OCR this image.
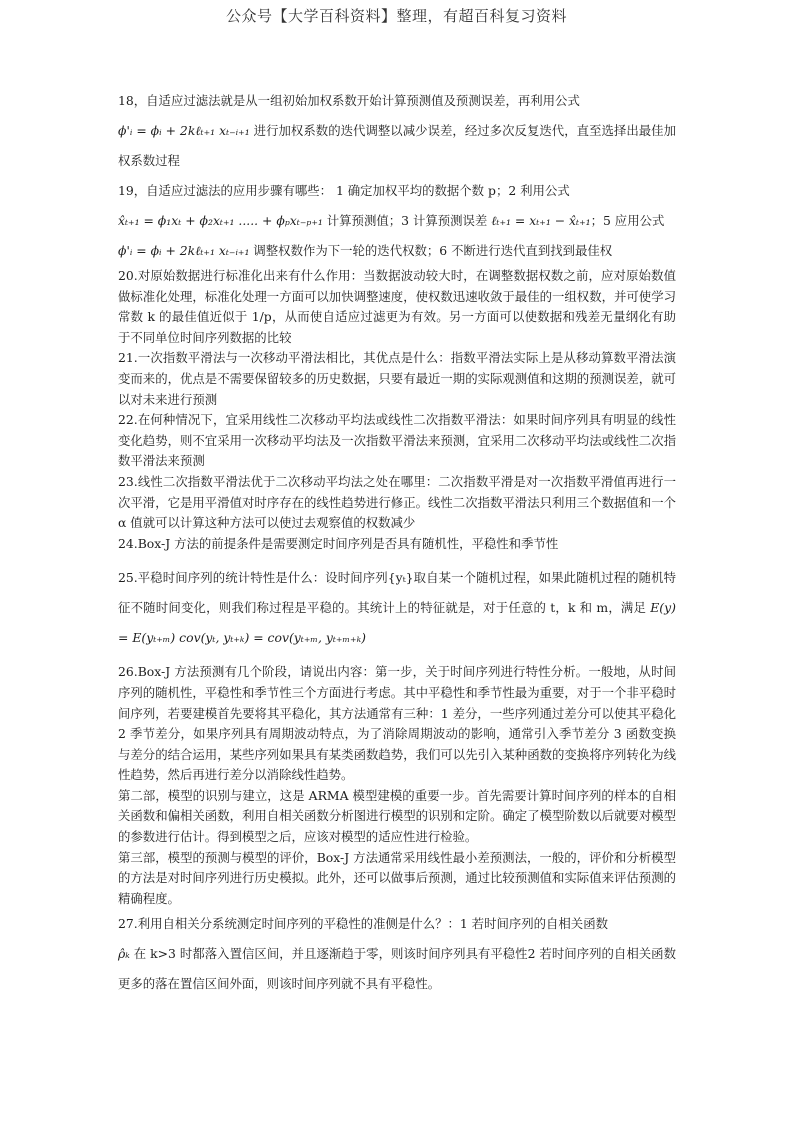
公众号【大学百科资料】整理，有超百科复习资料

18，自适应过滤法就是从一组初始加权系数开始计算预测值及预测误差，再利用公式
ϕ'ᵢ = ϕᵢ + 2kℓₜ₊₁ xₜ₋ᵢ₊₁ 进行加权系数的迭代调整以减少误差，经过多次反复迭代，直至选择出最佳加权系数过程

19，自适应过滤法的应用步骤有哪些： 1 确定加权平均的数据个数 p；2 利用公式
x̂ₜ₊₁ = ϕ₁xₜ + ϕ₂xₜ₊₁ ..... + ϕₚxₜ₋ₚ₊₁ 计算预测值；3 计算预测误差 ℓₜ₊₁ = xₜ₊₁ − x̂ₜ₊₁；5 应用公式
ϕ'ᵢ = ϕᵢ + 2kℓₜ₊₁ xₜ₋ᵢ₊₁ 调整权数作为下一轮的迭代权数；6 不断进行迭代直到找到最佳权

20.对原始数据进行标准化出来有什么作用：当数据波动较大时，在调整数据权数之前，应对原始数值做标准化处理，标准化处理一方面可以加快调整速度，使权数迅速收敛于最佳的一组权数，并可使学习常数 k 的最佳值近似于 1/p，从而使自适应过滤更为有效。另一方面可以使数据和残差无量纲化有助于不同单位时间序列数据的比较

21.一次指数平滑法与一次移动平滑法相比，其优点是什么：指数平滑法实际上是从移动算数平滑法演变而来的，优点是不需要保留较多的历史数据，只要有最近一期的实际观测值和这期的预测误差，就可以对未来进行预测

22.在何种情况下，宜采用线性二次移动平均法或线性二次指数平滑法：如果时间序列具有明显的线性变化趋势，则不宜采用一次移动平均法及一次指数平滑法来预测，宜采用二次移动平均法或线性二次指数平滑法来预测

23.线性二次指数平滑法优于二次移动平均法之处在哪里：二次指数平滑是对一次指数平滑值再进行一次平滑，它是用平滑值对时序存在的线性趋势进行修正。线性二次指数平滑法只利用三个数据值和一个α 值就可以计算这种方法可以使过去观察值的权数减少

24.Box-J 方法的前提条件是需要测定时间序列是否具有随机性，平稳性和季节性

25.平稳时间序列的统计特性是什么：设时间序列{yₜ}取自某一个随机过程，如果此随机过程的随机特征不随时间变化，则我们称过程是平稳的。其统计上的特征就是，对于任意的 t，k 和 m，满足 E(y) = E(yₜ₊ₘ) cov(yₜ, yₜ₊ₖ) = cov(yₜ₊ₘ, yₜ₊ₘ₊ₖ)

26.Box-J 方法预测有几个阶段，请说出内容：第一步，关于时间序列进行特性分析。一般地，从时间序列的随机性，平稳性和季节性三个方面进行考虑。其中平稳性和季节性最为重要，对于一个非平稳时间序列，若要建模首先要将其平稳化，其方法通常有三种：1 差分，一些序列通过差分可以使其平稳化 2 季节差分，如果序列具有周期波动特点，为了消除周期波动的影响，通常引入季节差分 3 函数变换与差分的结合运用，某些序列如果具有某类函数趋势，我们可以先引入某种函数的变换将序列转化为线性趋势，然后再进行差分以消除线性趋势。

第二部，模型的识别与建立，这是 ARMA 模型建模的重要一步。首先需要计算时间序列的样本的自相关函数和偏相关函数，利用自相关函数分析图进行模型的识别和定阶。确定了模型阶数以后就要对模型的参数进行估计。得到模型之后，应该对模型的适应性进行检验。

第三部，模型的预测与模型的评价，Box-J 方法通常采用线性最小差预测法，一般的，评价和分析模型的方法是对时间序列进行历史模拟。此外，还可以做事后预测，通过比较预测值和实际值来评估预测的精确程度。

27.利用自相关分系统测定时间序列的平稳性的准侧是什么？：1 若时间序列的自相关函数
ρ̂ₖ 在 k>3 时都落入置信区间，并且逐渐趋于零，则该时间序列具有平稳性2 若时间序列的自相关函数更多的落在置信区间外面，则该时间序列就不具有平稳性。
